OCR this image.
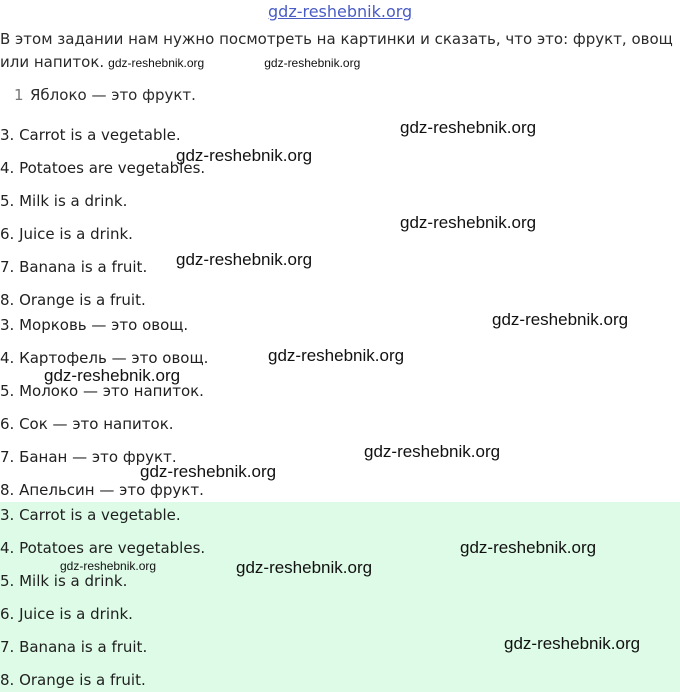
gdz-reshebnik.org
В этом задании нам нужно посмотреть на картинки и сказать, что это: фрукт, овощ или напиток. gdz-reshebnik.org	gdz-reshebnik.org
1 Яблоко — это фрукт.
3. Carrot is a vegetable.
4. Potatoes are vegetables.
5. Milk is a drink.
6. Juice is a drink.
7. Banana is a fruit.
8. Orange is a fruit.
3. Морковь — это овощ.
4. Картофель — это овощ.
5. Молоко — это напиток.
6. Сок — это напиток.
7. Банан — это фрукт.
8. Апельсин — это фрукт.
3. Carrot is a vegetable.
4. Potatoes are vegetables.
5. Milk is a drink.
6. Juice is a drink.
7. Banana is a fruit.
8. Orange is a fruit.
gdz-reshebnik.org
gdz-reshebnik.org
gdz-reshebnik.org
gdz-reshebnik.org
gdz-reshebnik.org
gdz-reshebnik.org
gdz-reshebnik.org
gdz-reshebnik.org
gdz-reshebnik.org
gdz-reshebnik.org
gdz-reshebnik.org
gdz-reshebnik.org
gdz-reshebnik.org
